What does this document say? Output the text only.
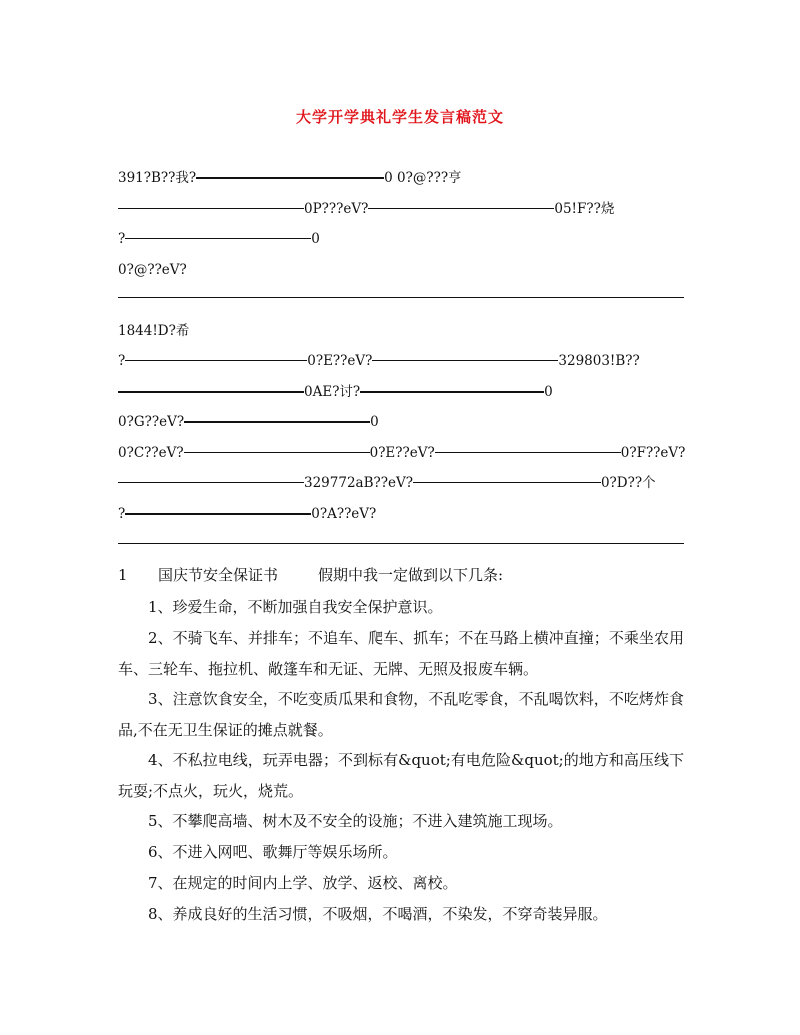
大学开学典礼学生发言稿范文
391?B??我?	0 0?@???亨
0P???eV?	05!F??烧
?	0
0?@??eV?
1844!D?希
?	0?E??eV?	329803!B??
0AE?讨?	0
0?G??eV?	0
0?C??eV?	0?E??eV?	0?F??eV?
329772aB??eV?	0?D??个
?	0?A??eV?
1 国庆节安全保证书	假期中我一定做到以下几条:
1、珍爱生命，不断加强自我安全保护意识。
2、不骑飞车、并排车；不追车、爬车、抓车；不在马路上横冲直撞；不乘坐农用车、三轮车、拖拉机、敞篷车和无证、无牌、无照及报废车辆。
3、注意饮食安全，不吃变质瓜果和食物，不乱吃零食，不乱喝饮料，不吃烤炸食品,不在无卫生保证的摊点就餐。
4、不私拉电线，玩弄电器；不到标有&quot;有电危险&quot;的地方和高压线下玩耍;不点火，玩火，烧荒。
5、不攀爬高墙、树木及不安全的设施；不进入建筑施工现场。
6、不进入网吧、歌舞厅等娱乐场所。
7、在规定的时间内上学、放学、返校、离校。
8、养成良好的生活习惯，不吸烟，不喝酒，不染发，不穿奇装异服。
